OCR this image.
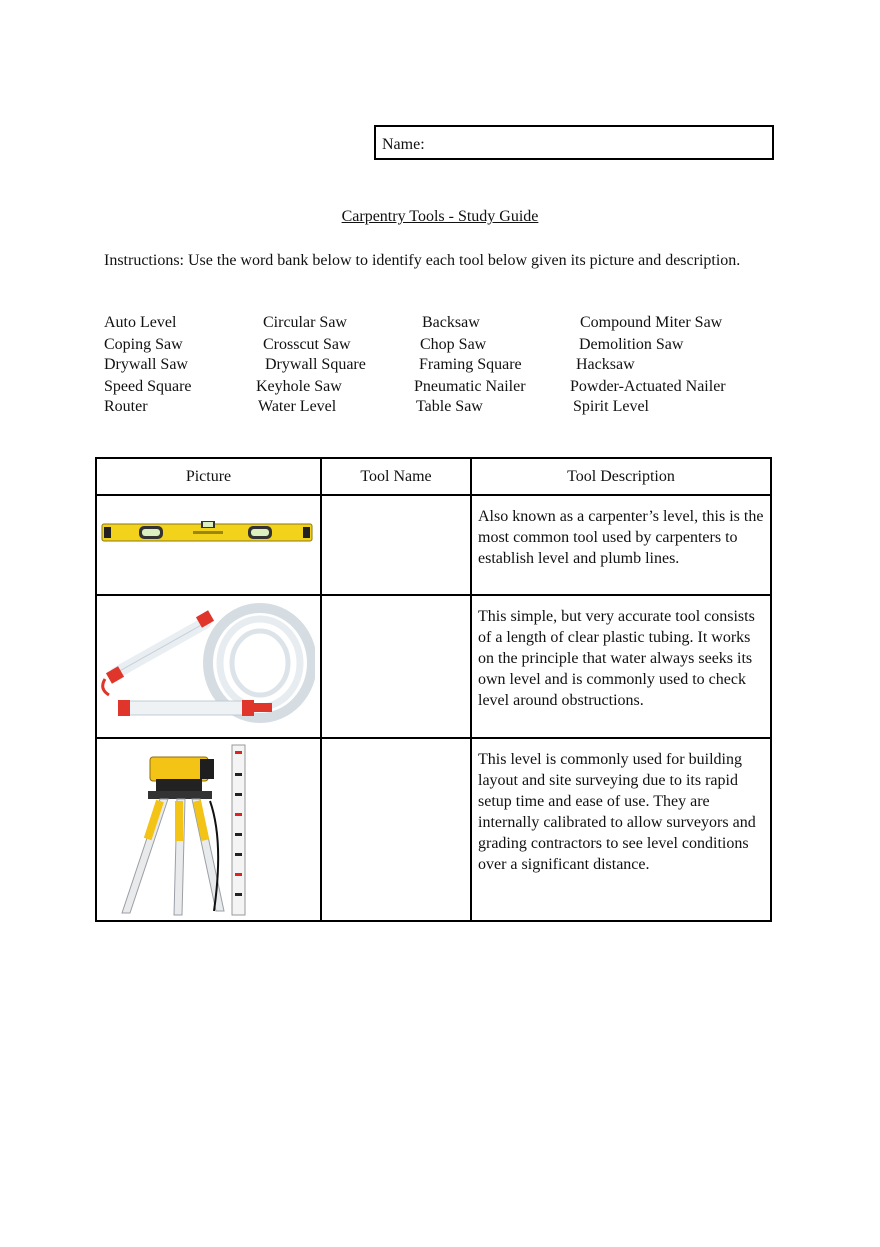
Name:
Carpentry Tools - Study Guide
Instructions: Use the word bank below to identify each tool below given its picture and description.
Auto Level	Circular Saw	Backsaw	Compound Miter Saw
Coping Saw	Crosscut Saw	Chop Saw	Demolition Saw
Drywall Saw	Drywall Square	Framing Square	Hacksaw
Speed Square	Keyhole Saw	Pneumatic Nailer	Powder-Actuated Nailer
Router	Water Level	Table Saw	Spirit Level
Picture	Tool Name	Tool Description

		Also known as a carpenter’s level, this is the most common tool used by carpenters to establish level and plumb lines.

		This simple, but very accurate tool consists of a length of clear plastic tubing. It works on the principle that water always seeks its own level and is commonly used to check level around obstructions.

		This level is commonly used for building layout and site surveying due to its rapid setup time and ease of use. They are internally calibrated to allow surveyors and grading contractors to see level conditions over a significant distance.
